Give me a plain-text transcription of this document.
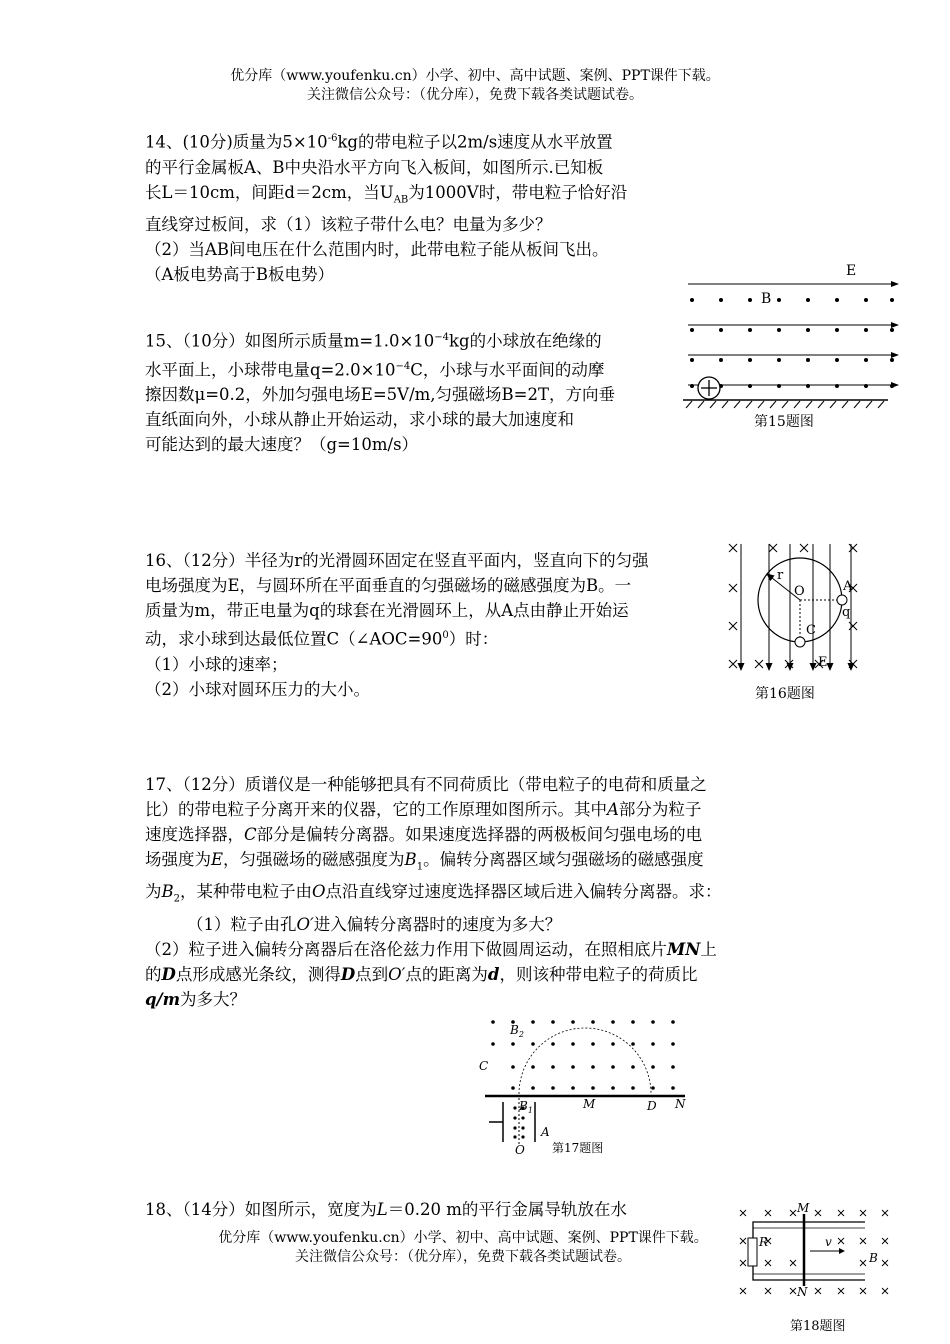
优分库（www.youfenku.cn）小学、初中、高中试题、案例、PPT课件下载。
关注微信公众号：（优分库），免费下载各类试题试卷。
14、(10分)质量为$5\times 10^{-6}kg$的带电粒子以2m/s速度从水平放置
的平行金属板A、B中央沿水平方向飞入板间，如图所示.已知板
长L＝10cm，间距d＝2cm，当$U_{AB}$为1000V时，带电粒子恰好沿
直线穿过板间，求（1）该粒子带什么电？电量为多少？
（2）当AB间电压在什么范围内时，此带电粒子能从板间飞出。
（A板电势高于B板电势）
15、（10分）如图所示质量$m=1.0\times 10^{-4}kg$的小球放在绝缘的
水平面上，小球带电量$q=2.0\times 10^{-4}C$，小球与水平面间的动摩
擦因数μ=0.2，外加匀强电场E=5V/m,匀强磁场B=2T，方向垂
直纸面向外，小球从静止开始运动，求小球的最大加速度和
可能达到的最大速度？（g=10m/s）
E
B
第15题图
16、（12分）半径为r的光滑圆环固定在竖直平面内，竖直向下的匀强
电场强度为E，与圆环所在平面垂直的匀强磁场的磁感强度为B。一
质量为m，带正电量为q的球套在光滑圆环上，从A点由静止开始运
动，求小球到达最低位置$C(\angle AOC=90^0)$时：
（1）小球的速率；
（2）小球对圆环压力的大小。
r
O	A
q
C
E
第16题图
17、（12分）质谱仪是一种能够把具有不同荷质比（带电粒子的电荷和质量之
比）的带电粒子分离开来的仪器，它的工作原理如图所示。其中A部分为粒子
速度选择器，C部分是偏转分离器。如果速度选择器的两极板间匀强电场的电
场强度为E，匀强磁场的磁感强度为$B_1$。偏转分离器区域匀强磁场的磁感强度
为$B_2$，某种带电粒子由O点沿直线穿过速度选择器区域后进入偏转分离器。求：
（1）粒子由孔O′进入偏转分离器时的速度为多大？
（2）粒子进入偏转分离器后在洛伦兹力作用下做圆周运动，在照相底片MN上
的D点形成感光条纹，测得D点到O′点的距离为d，则该种带电粒子的荷质比
q/m为多大？
$B_2$
C
$B_1$	M	D N
A
O 第17题图
18、（14分）如图所示，宽度为L＝0.20 m的平行金属导轨放在水
优分库（www.youfenku.cn）小学、初中、高中试题、案例、PPT课件下载。
关注微信公众号：（优分库），免费下载各类试题试卷。
M
R	v
B
N
第18题图
